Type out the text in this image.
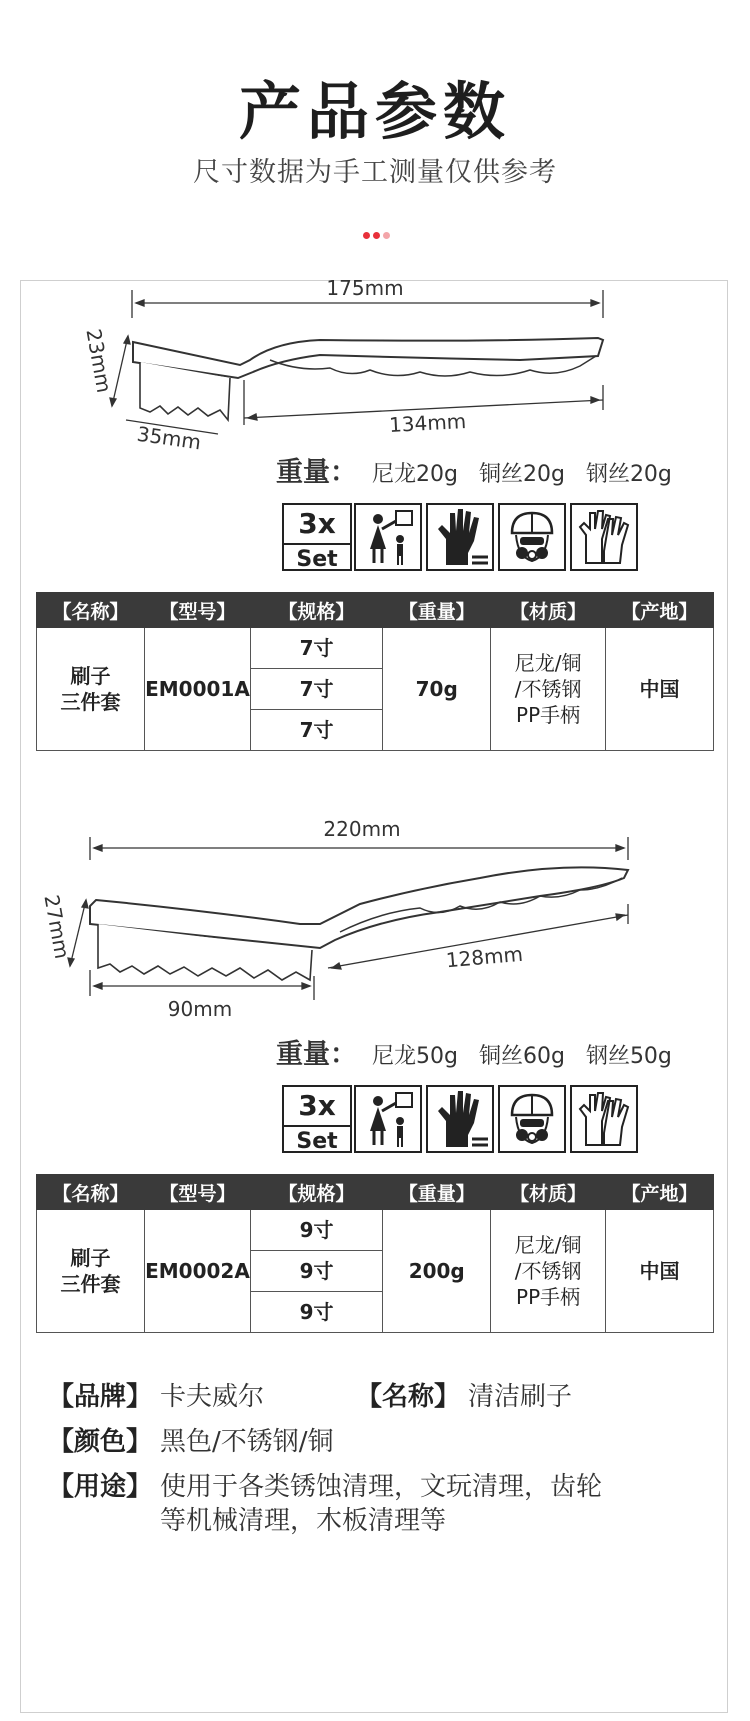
产品参数
尺寸数据为手工测量仅供参考
175mm
23mm
35mm	134mm
重量： 尼龙20g 铜丝20g 钢丝20g
3x
Set
【名称】	【型号】	【规格】	【重量】	【材质】	【产地】
刷子
三件套	EM0001A	7寸	70g	尼龙/铜
/不锈钢
PP手柄	中国
		7寸			
		7寸			
220mm
27mm
90mm
128mm
重量： 尼龙50g 铜丝60g 钢丝50g
3x
Set
【名称】	【型号】	【规格】	【重量】	【材质】	【产地】
刷子
三件套	EM0002A	9寸	200g	尼龙/铜
/不锈钢
PP手柄	中国
		9寸			
		9寸			
【品牌】 卡夫威尔	【名称】 清洁刷子
【颜色】 黑色/不锈钢/铜
【用途】 使用于各类锈蚀清理，文玩清理，齿轮
等机械清理，木板清理等
